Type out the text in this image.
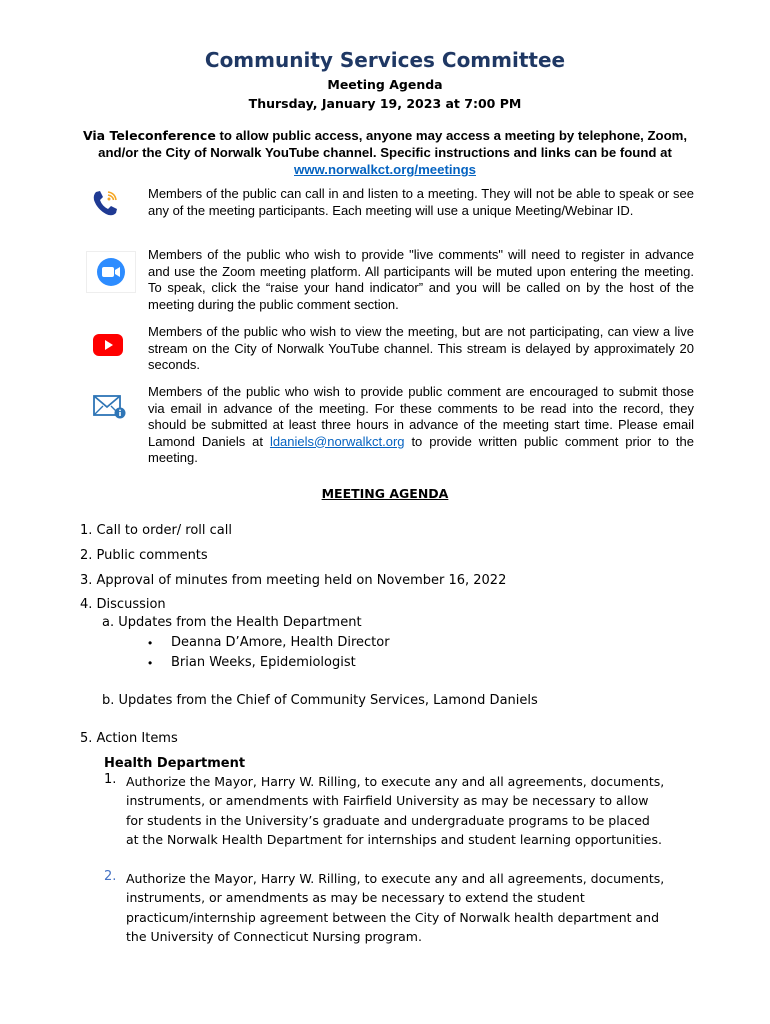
Community Services Committee
Meeting Agenda
Thursday, January 19, 2023 at 7:00 PM
Via Teleconference to allow public access, anyone may access a meeting by telephone, Zoom, and/or the City of Norwalk YouTube channel. Specific instructions and links can be found at www.norwalkct.org/meetings
Members of the public can call in and listen to a meeting. They will not be able to speak or see any of the meeting participants. Each meeting will use a unique Meeting/Webinar ID.
Members of the public who wish to provide "live comments" will need to register in advance and use the Zoom meeting platform. All participants will be muted upon entering the meeting. To speak, click the “raise your hand indicator” and you will be called on by the host of the meeting during the public comment section.
Members of the public who wish to view the meeting, but are not participating, can view a live stream on the City of Norwalk YouTube channel. This stream is delayed by approximately 20 seconds.
Members of the public who wish to provide public comment are encouraged to submit those via email in advance of the meeting. For these comments to be read into the record, they should be submitted at least three hours in advance of the meeting start time. Please email Lamond Daniels at ldaniels@norwalkct.org to provide written public comment prior to the meeting.
MEETING AGENDA
1. Call to order/ roll call
2. Public comments
3. Approval of minutes from meeting held on November 16, 2022
4. Discussion
a. Updates from the Health Department
• Deanna D’Amore, Health Director
• Brian Weeks, Epidemiologist
b. Updates from the Chief of Community Services, Lamond Daniels
5. Action Items
Health Department
1. Authorize the Mayor, Harry W. Rilling, to execute any and all agreements, documents, instruments, or amendments with Fairfield University as may be necessary to allow for students in the University’s graduate and undergraduate programs to be placed at the Norwalk Health Department for internships and student learning opportunities.
2. Authorize the Mayor, Harry W. Rilling, to execute any and all agreements, documents, instruments, or amendments as may be necessary to extend the student practicum/internship agreement between the City of Norwalk health department and the University of Connecticut Nursing program.
